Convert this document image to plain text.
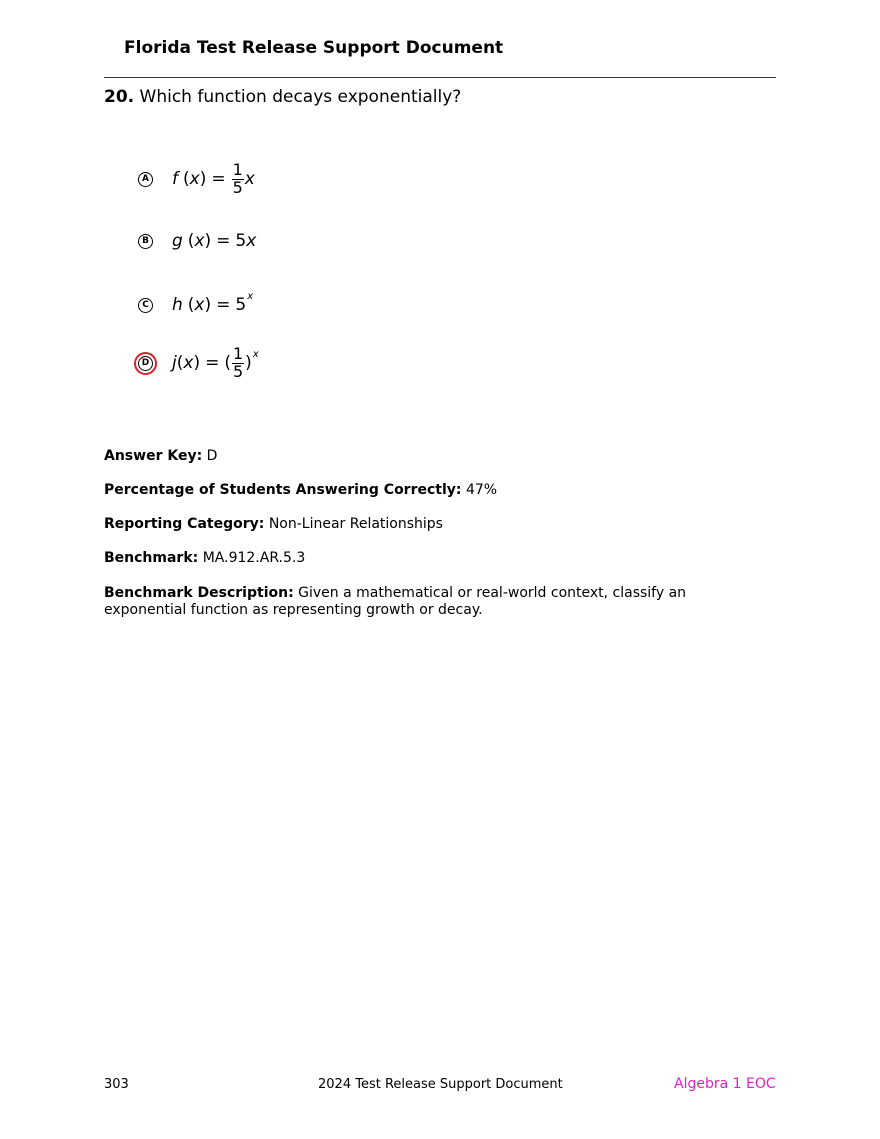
Florida Test Release Support Document
20. Which function decays exponentially?
A f ( x ) = $\frac{1}{5}$ x
B g ( x ) = 5 x
C h ( x ) = 5 x
D j ( x ) = ( $\frac{1}{5}$ ) x
Answer Key: D
Percentage of Students Answering Correctly: 47%
Reporting Category: Non-Linear Relationships
Benchmark: MA.912.AR.5.3
Benchmark Description: Given a mathematical or real-world context, classify an exponential function as representing growth or decay.
303	2024 Test Release Support Document	Algebra 1 EOC
